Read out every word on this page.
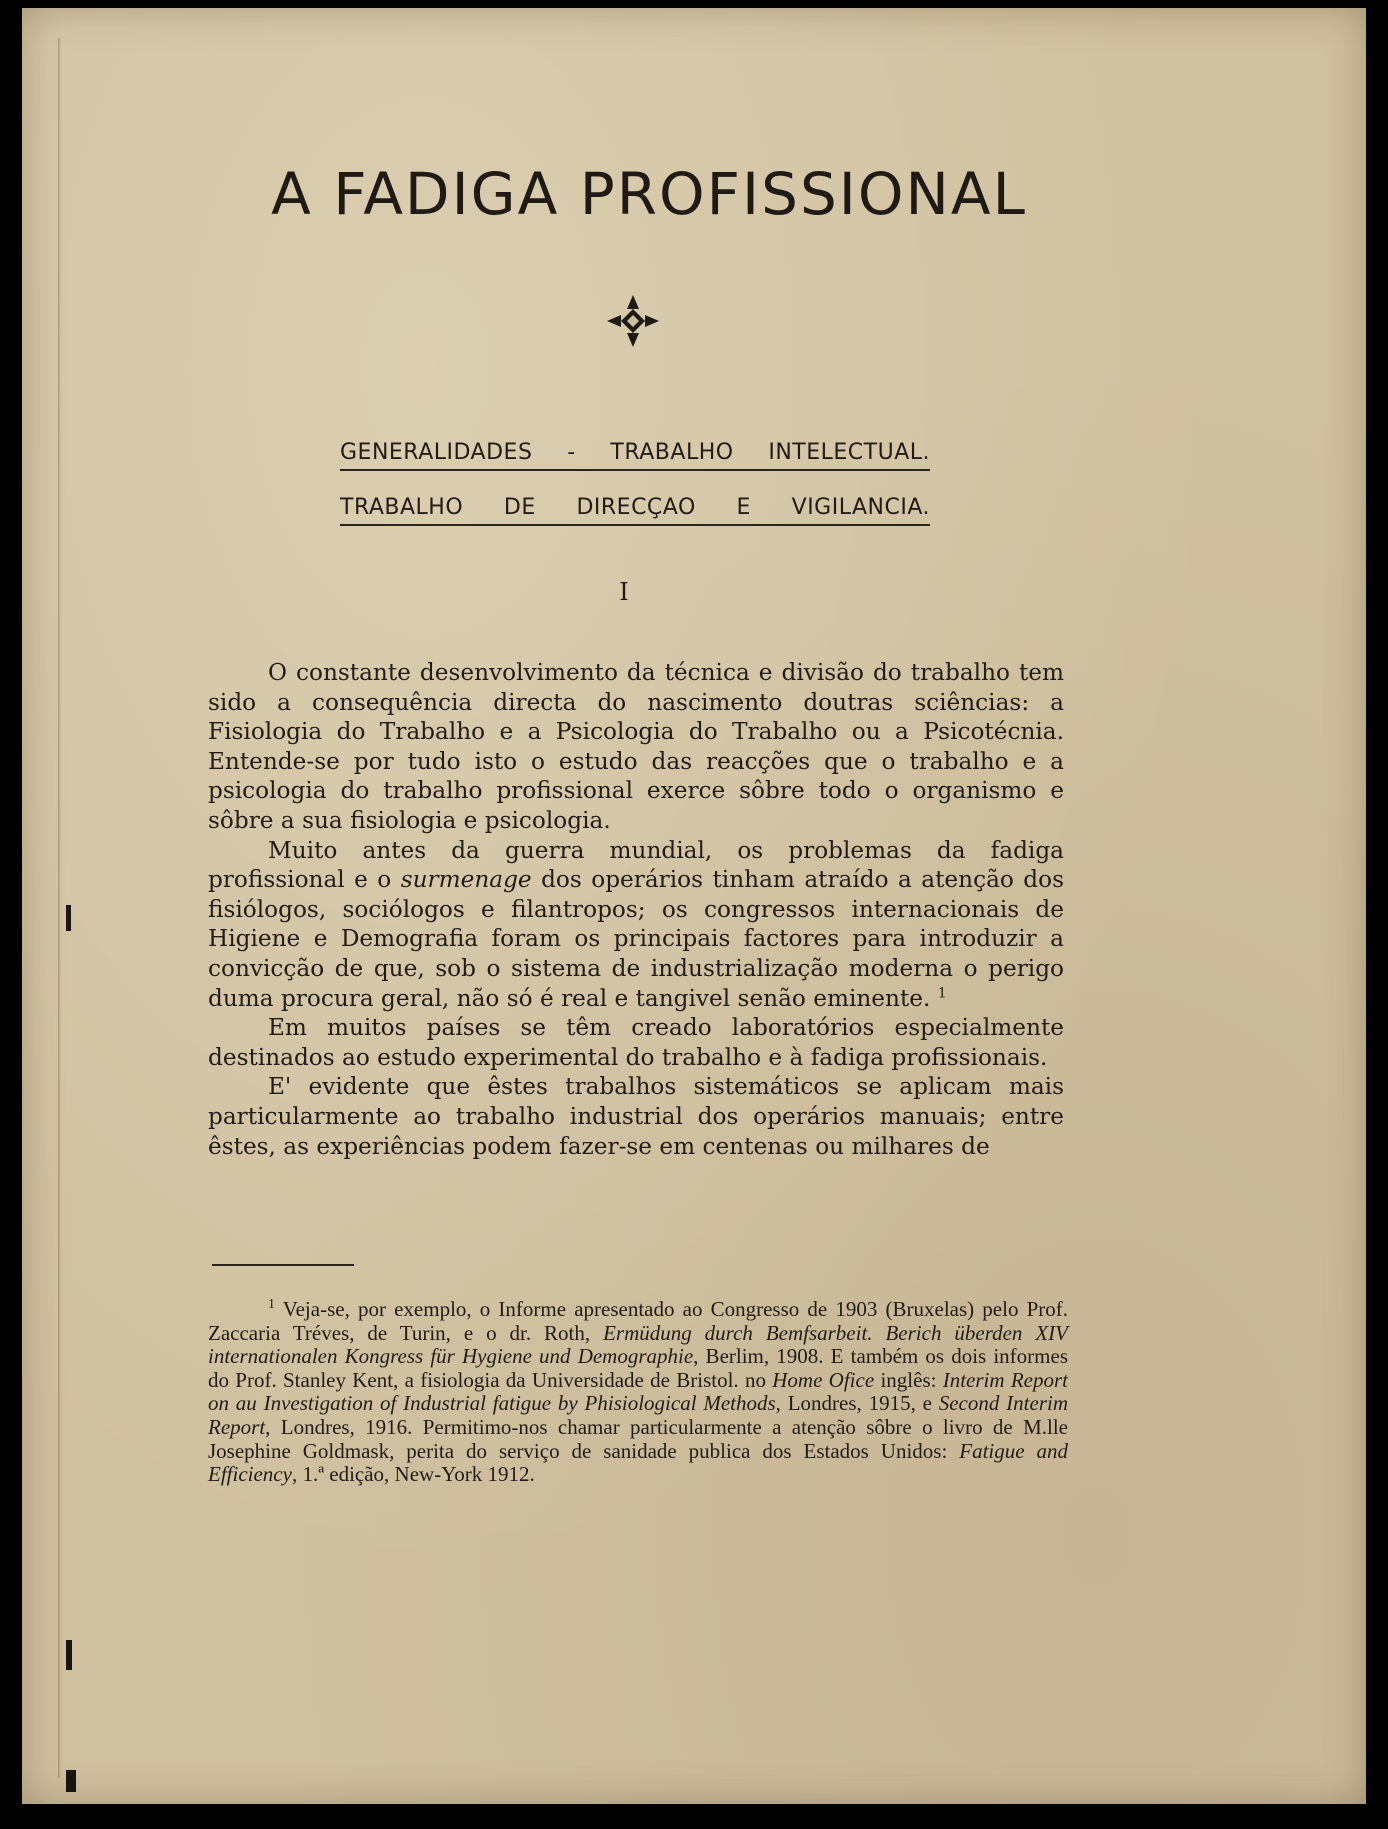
A FADIGA PROFISSIONAL
GENERALIDADES - TRABALHO INTELECTUAL.
TRABALHO DE DIRECÇAO E VIGILANCIA.
I

O constante desenvolvimento da técnica e divisão do trabalho tem sido a consequência directa do nascimento doutras sciências: a Fisiologia do Trabalho e a Psicologia do Trabalho ou a Psicotécnia. Entende-se por tudo isto o estudo das reacções que o trabalho e a psicologia do trabalho profissional exerce sôbre todo o organismo e sôbre a sua fisiologia e psicologia.

Muito antes da guerra mundial, os problemas da fadiga profissional e o surmenage dos operários tinham atraído a atenção dos fisiólogos, sociólogos e filantropos; os congressos internacionais de Higiene e Demografia foram os principais factores para introduzir a convicção de que, sob o sistema de industrialização moderna o perigo duma procura geral, não só é real e tangivel senão eminente. $^1$

Em muitos países se têm creado laboratórios especialmente destinados ao estudo experimental do trabalho e à fadiga profissionais.

E' evidente que êstes trabalhos sistemáticos se aplicam mais particularmente ao trabalho industrial dos operários manuais; entre êstes, as experiências podem fazer-se em centenas ou milhares de

$^1$ Veja-se, por exemplo, o Informe apresentado ao Congresso de 1903 (Bruxelas) pelo Prof. Zaccaria Tréves, de Turin, e o dr. Roth, Ermüdung durch Bemfsarbeit. Berich überden XIV internationalen Kongress für Hygiene und Demographie, Berlim, 1908. E também os dois informes do Prof. Stanley Kent, a fisiologia da Universidade de Bristol. no Home Ofice inglês: Interim Report on au Investigation of Industrial fatigue by Phisiological Methods, Londres, 1915, e Second Interim Report, Londres, 1916. Permitimo-nos chamar particularmente a atenção sôbre o livro de M.lle Josephine Goldmask, perita do serviço de sanidade publica dos Estados Unidos: Fatigue and Efficiency, 1.ª edição, New-York 1912.
